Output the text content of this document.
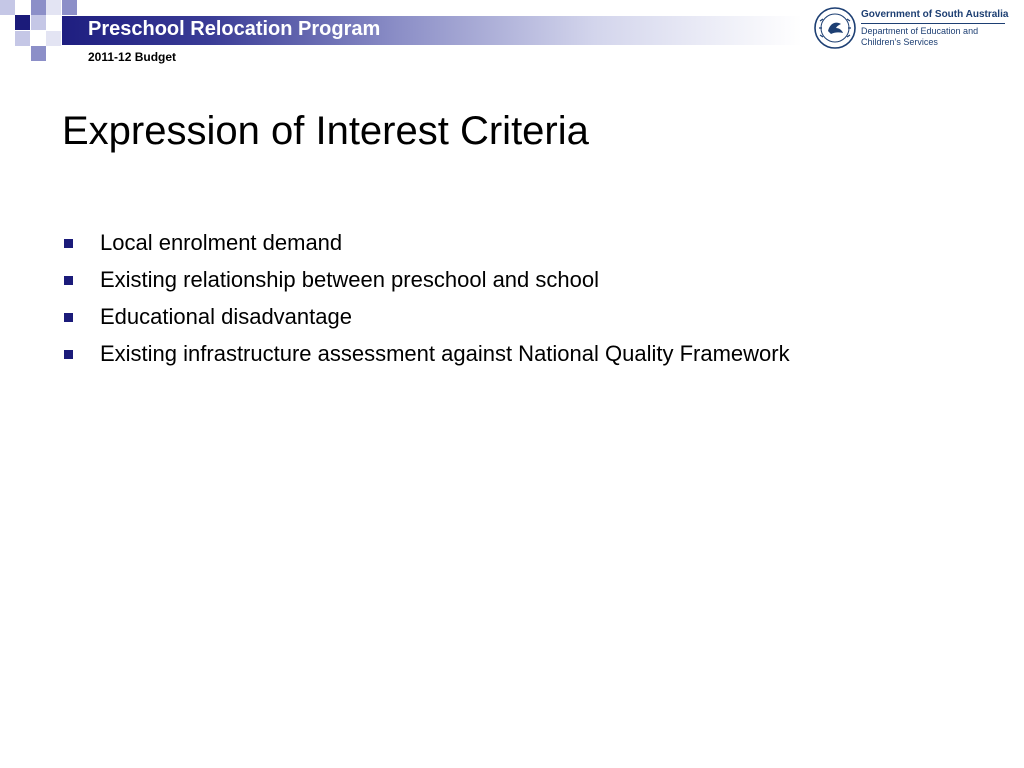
Preschool Relocation Program
2011-12 Budget
Government of South Australia
Department of Education and
Children’s Services
Expression of Interest Criteria
Local enrolment demand
Existing relationship between preschool and school
Educational disadvantage
Existing infrastructure assessment against National Quality Framework
